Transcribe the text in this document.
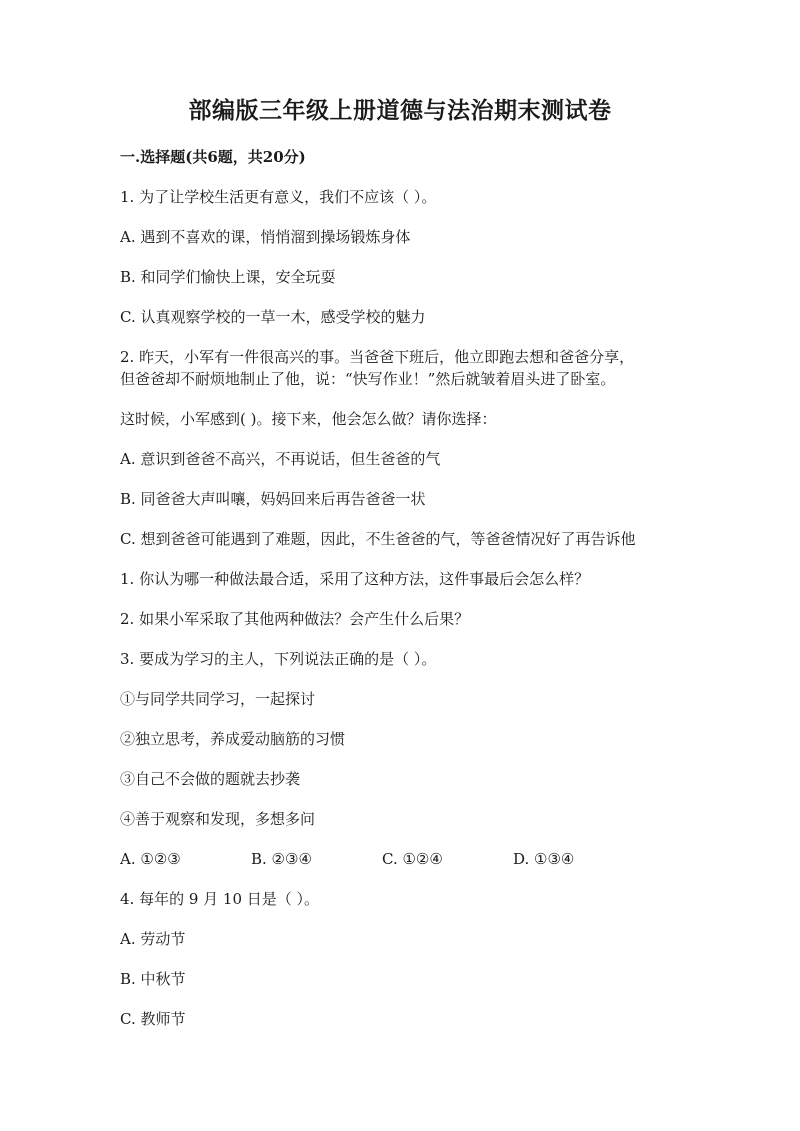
部编版三年级上册道德与法治期末测试卷
一.选择题(共6题，共20分)
1. 为了让学校生活更有意义，我们不应该（ ）。
A. 遇到不喜欢的课，悄悄溜到操场锻炼身体
B. 和同学们愉快上课，安全玩耍
C. 认真观察学校的一草一木，感受学校的魅力
2. 昨天，小军有一件很高兴的事。当爸爸下班后，他立即跑去想和爸爸分享，
但爸爸却不耐烦地制止了他，说：“快写作业！”然后就皱着眉头进了卧室。
这时候，小军感到( )。接下来，他会怎么做？请你选择：
A. 意识到爸爸不高兴，不再说话，但生爸爸的气
B. 同爸爸大声叫嚷，妈妈回来后再告爸爸一状
C. 想到爸爸可能遇到了难题，因此，不生爸爸的气，等爸爸情况好了再告诉他
1. 你认为哪一种做法最合适，采用了这种方法，这件事最后会怎么样？
2. 如果小军采取了其他两种做法？会产生什么后果？
3. 要成为学习的主人，下列说法正确的是（ ）。
①与同学共同学习，一起探讨
②独立思考，养成爱动脑筋的习惯
③自己不会做的题就去抄袭
④善于观察和发现，多想多问
A. ①②③	B. ②③④	C. ①②④	D. ①③④
4. 每年的 9 月 10 日是（ ）。
A. 劳动节
B. 中秋节
C. 教师节
